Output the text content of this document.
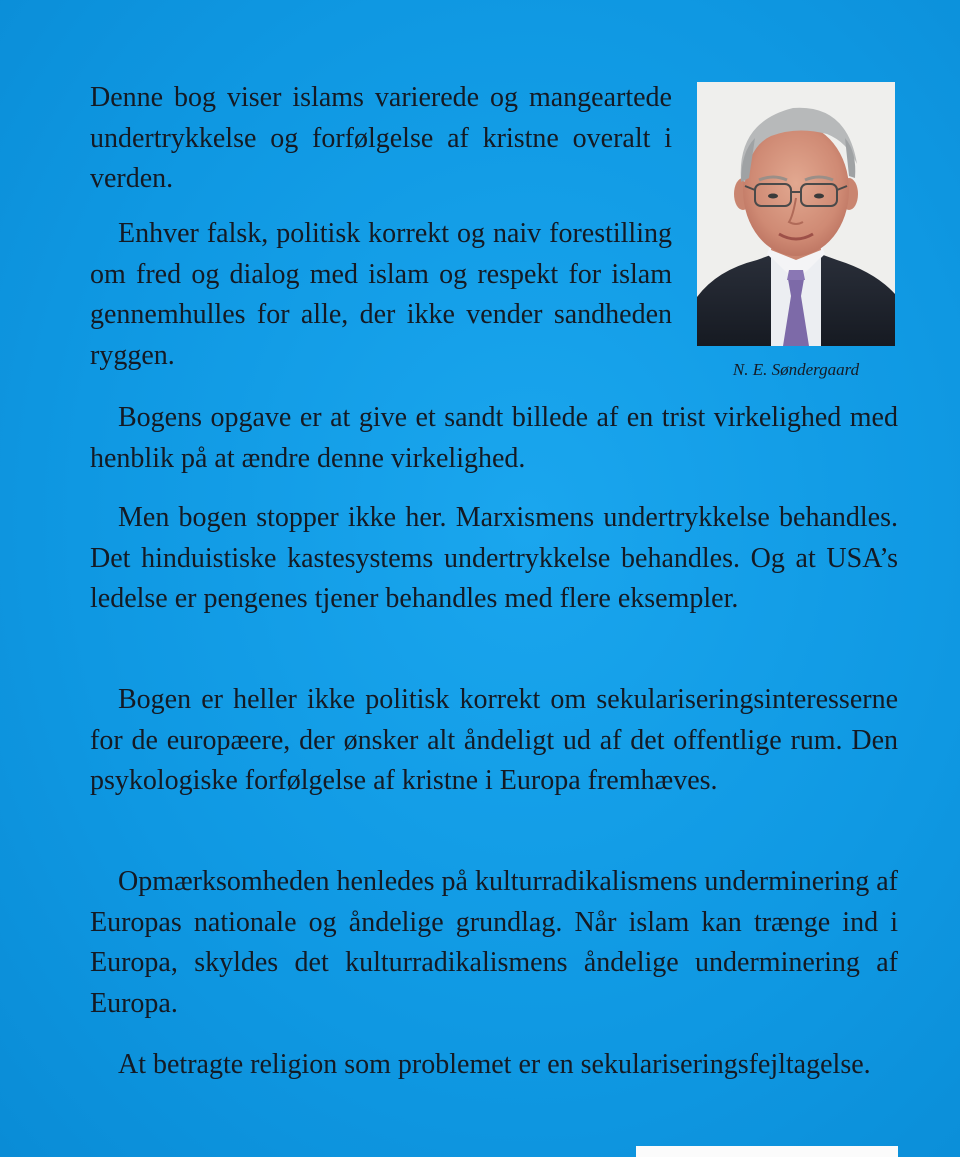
Denne bog viser islams varierede og mangeartede undertrykkelse og forfølgelse af kristne overalt i verden.

Enhver falsk, politisk korrekt og naiv forestilling om fred og dialog med islam og respekt for islam gennemhulles for alle, der ikke vender sandheden ryggen.

Bogens opgave er at give et sandt billede af en trist virkelighed med henblik på at ændre denne virkelighed.

Men bogen stopper ikke her. Marxismens undertrykkelse behandles. Det hinduistiske kastesystems undertrykkelse behandles. Og at USA’s ledelse er pengenes tjener behandles med flere eksempler.

Bogen er heller ikke politisk korrekt om sekulariseringsinteresserne for de europæere, der ønsker alt åndeligt ud af det offentlige rum. Den psykologiske forfølgelse af kristne i Europa fremhæves.

Opmærksomheden henledes på kulturradikalismens underminering af Europas nationale og åndelige grundlag. Når islam kan trænge ind i Europa, skyldes det kulturradikalismens åndelige underminering af Europa.

At betragte religion som problemet er en sekulariseringsfejltagelse.

N. E. Søndergaard
